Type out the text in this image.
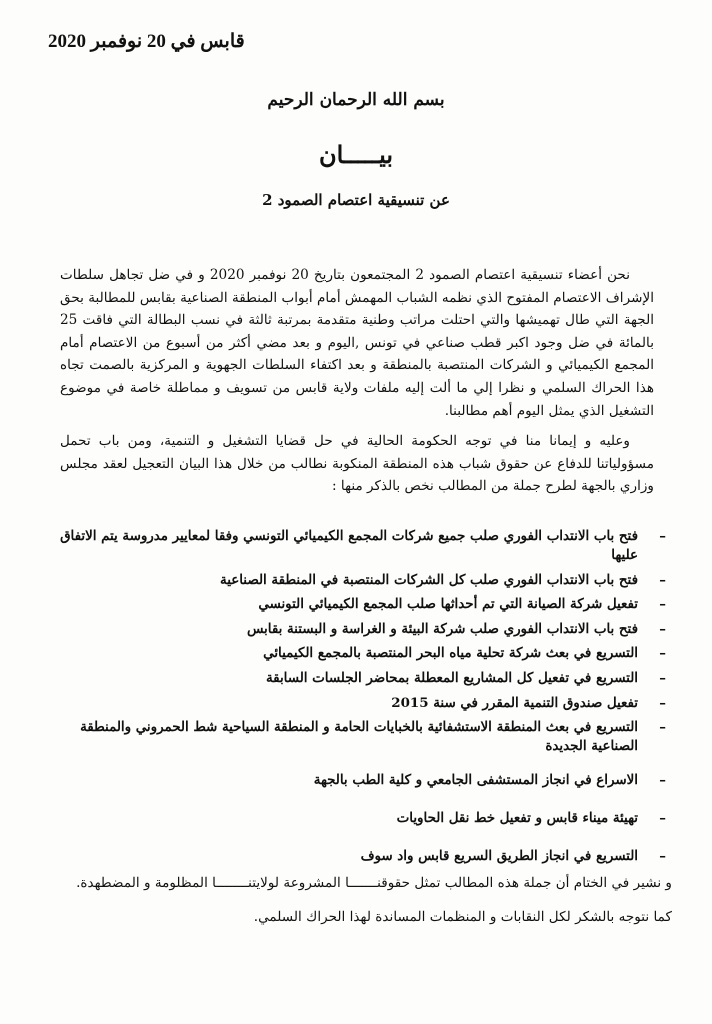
قابس في 20 نوفمبر 2020
بسم الله الرحمان الرحيم
بيـــــان
عن تنسيقية اعتصام الصمود 2
نحن أعضاء تنسيقية اعتصام الصمود 2 المجتمعون بتاريخ 20 نوفمبر 2020 و في ضل تجاهل سلطات الإشراف الاعتصام المفتوح الذي نظمه الشباب المهمش أمام أبواب المنطقة الصناعية بقابس للمطالبة بحق الجهة التي طال تهميشها والتي احتلت مراتب وطنية متقدمة بمرتبة ثالثة في نسب البطالة التي فاقت 25 بالمائة في ضل وجود اكبر قطب صناعي في تونس ,اليوم و بعد مضي أكثر من أسبوع من الاعتصام أمام المجمع الكيميائي و الشركات المنتصبة بالمنطقة و بعد اكتفاء السلطات الجهوية و المركزية بالصمت تجاه هذا الحراك السلمي و نظرا إلي ما ألت إليه ملفات ولاية قابس من تسويف و مماطلة خاصة في موضوع التشغيل الذي يمثل اليوم أهم مطالبنا.
وعليه و إيمانا منا في توجه الحكومة الحالية في حل قضايا التشغيل و التنمية، ومن باب تحمل مسؤولياتنا للدفاع عن حقوق شباب هذه المنطقة المنكوبة نطالب من خلال هذا البيان التعجيل لعقد مجلس وزاري بالجهة لطرح جملة من المطالب نخص بالذكر منها :
– فتح باب الانتداب الفوري صلب جميع شركات المجمع الكيميائي التونسي وفقا لمعايير مدروسة يتم الاتفاق عليها
– فتح باب الانتداب الفوري صلب كل الشركات المنتصبة في المنطقة الصناعية
– تفعيل شركة الصيانة التي تم أحداثها صلب المجمع الكيميائي التونسي
– فتح باب الانتداب الفوري صلب شركة البيئة و الغراسة و البستنة بقابس
– التسريع في بعث شركة تحلية مياه البحر المنتصبة بالمجمع الكيميائي
– التسريع في تفعيل كل المشاريع المعطلة بمحاضر الجلسات السابقة
– تفعيل صندوق التنمية المقرر في سنة 2015
– التسريع في بعث المنطقة الاستشفائية بالخبايات الحامة و المنطقة السياحية شط الحمروني والمنطقة الصناعية الجديدة
– الاسراع في انجاز المستشفى الجامعي و كلية الطب بالجهة
– تهيئة ميناء قابس و تفعيل خط نقل الحاويات
– التسريع في انجاز الطريق السريع قابس واد سوف
و نشير في الختام أن جملة هذه المطالب تمثل حقوقنـــــــا المشروعة لولايتنــــــــا المظلومة و المضطهدة.
كما نتوجه بالشكر لكل النقابات و المنظمات المساندة لهذا الحراك السلمي.
